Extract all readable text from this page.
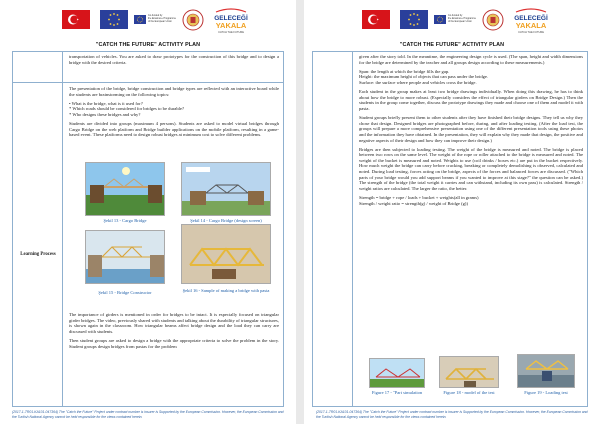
Co-funded by
the Erasmus+ Programme
of the European Union	GELECEĞİ
YAKALA
CATCH THE FUTURE
"CATCH THE FUTURE" ACTIVITY PLAN
transportation of vehicles. You are asked to draw prototypes for the construction of this bridge and to design a bridge with the desired criteria.
Learning Process

The presentation of the bridge, bridge construction and bridge types are reflected with an interactive board while the students are brainstorming on the following topics:

• What is the bridge, what is it used for?
* Which roads should be considered for bridges to be durable?
* Who designs these bridges and why?

Students are divided into groups (maximum 4 persons). Students are asked to model virtual bridges through Cargo Bridge on the web platform and Bridge builder applications on the mobile platform, resulting in a game-based event. These platforms need to design robust bridges at minimum cost to solve different problems.

Şekil 13 - Cargo Bridge	Şekil 14 - Cargo Bridge (design screen)
Şekil 15 - Bridge Constructor	Şekil 16 - Sample of making a bridge with pasta

The importance of girders is mentioned in order for bridges to be intact. It is especially focused on triangular girder bridges. The video, previously shared with students and talking about the durability of triangular structures, is shown again in the classroom. How triangular beams affect bridge design and the load they can carry are discussed with students.

Then student groups are asked to design a bridge with the appropriate criteria to solve the problem in the story. Student groups design bridges from pastas for the problem

(2017-1-TR01-KA101-047364) The "Catch the Future" Project under contract number is insurer is Supported by the European Commission. However, the European Commission and the Turkish National Agency cannot be held responsible for the views contained herein.
Co-funded by
the Erasmus+ Programme
of the European Union	GELECEĞİ
YAKALA
CATCH THE FUTURE
"CATCH THE FUTURE" ACTIVITY PLAN

given after the story told. In the meantime, the engineering design cycle is used. (The span, height and width dimensions for the bridge are determined by the teacher and all groups design according to these measurements.)

Span: the length at which the bridge fills the gap.
Height: the maximum height of objects that can pass under the bridge.
Surface: the surface where people and vehicles cross the bridge.

Each student in the group makes at least two bridge drawings individually. When doing this drawing, he has to think about how the bridge to more robust. (Especially considers the effect of triangular girders on Bridge Design.) Then the students in the group come together, discuss the prototype drawings they made and choose one of them and model it with pasta.

Student groups briefly present them to other students after they have finished their bridge designs. They tell us why they chose that design. Designed bridges are photographed before, during, and after loading testing. (After the load test, the groups will prepare a more comprehensive presentation using one of the different presentation tools using these photos and the information they have obtained. In the presentation, they will explain why they made that design, the positive and negative aspects of their design and how they can improve their design.)

Bridges are then subjected to loading testing. The weight of the bridge is measured and noted. The bridge is placed between two rows on the same level. The weight of the rope or roller attached to the bridge is measured and noted. The weight of the bucket is measured and noted. Weights to use (coil drinks / boxes etc.) are put in the bucket respectively. How much weight the bridge can carry before cracking, breaking or completely demolishing is observed, calculated and noted. During load testing, forces acting on the bridge, aspects of the forces and balanced forces are discussed. ("Which parts of your bridge would you add support beams if you wanted to improve at this stage?" the question can be asked.) The strength of the bridge (the total weight it carries and can withstand, including its own pass) is calculated. Strength / weight ratios are calculated. The larger the ratio, the better.

Strength = bridge + rope / loads + bucket + weights(all in grams)
Strength / weight ratio = strength(g) / weight of Bridge (g))

Figure 17 - "Part simulation	Figure 18 - model of the test	Figure 19 - Loading test
(2017-1-TR01-KA101-047364) The "Catch the Future" Project under contract number is insurer is Supported by the European Commission. However, the European Commission and the Turkish National Agency cannot be held responsible for the views contained herein.
